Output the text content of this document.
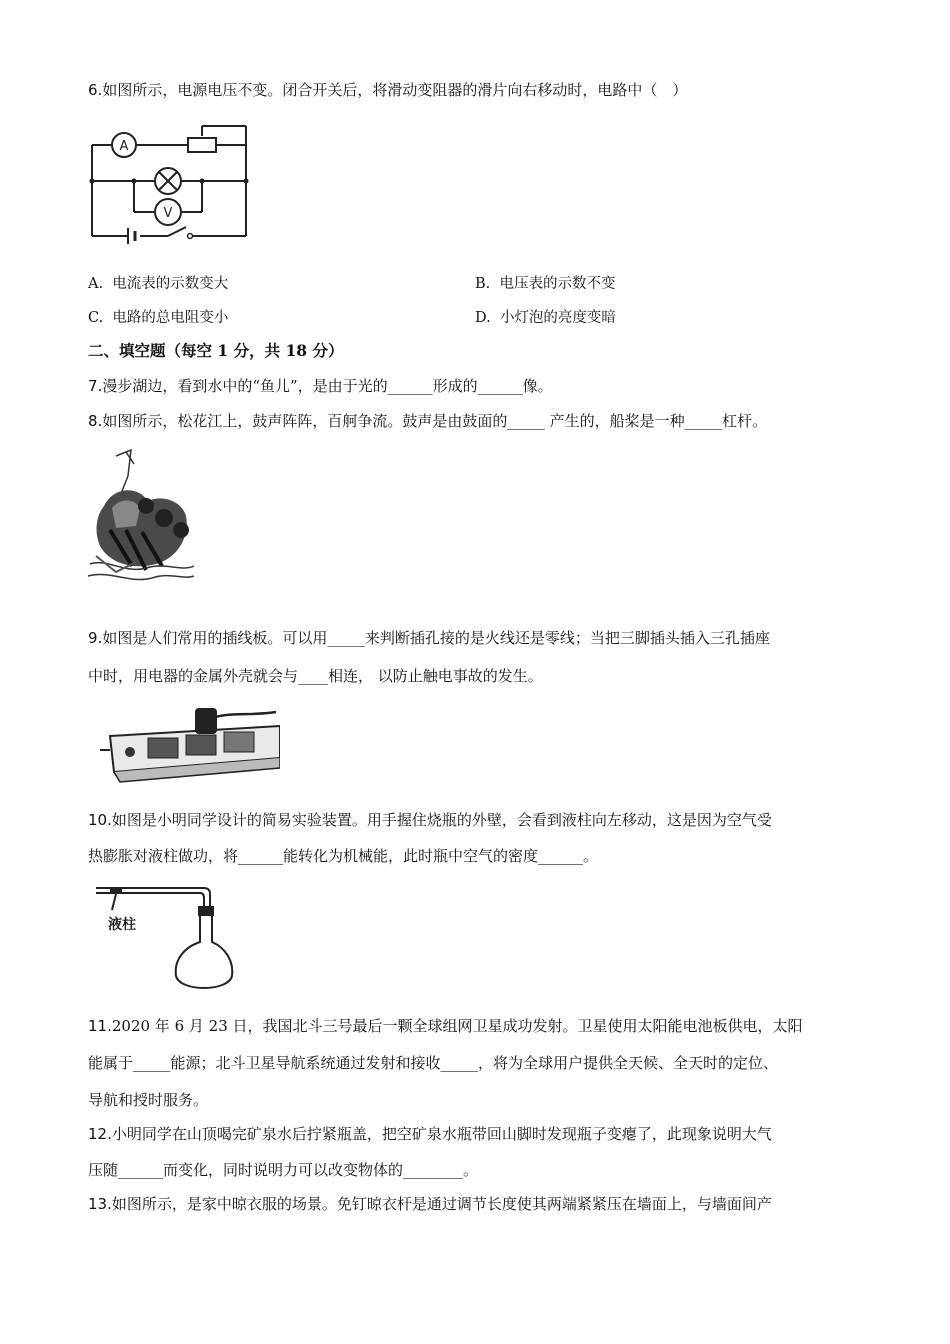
6.如图所示，电源电压不变。闭合开关后，将滑动变阻器的滑片向右移动时，电路中（　）
A
V
A. 电流表的示数变大	B. 电压表的示数不变
C. 电路的总电阻变小	D. 小灯泡的亮度变暗
二、填空题（每空 1 分，共 18 分）
7.漫步湖边，看到水中的“鱼儿”，是由于光的______形成的______像。
8.如图所示，松花江上，鼓声阵阵，百舸争流。鼓声是由鼓面的_____ 产生的，船桨是一种_____杠杆。
9.如图是人们常用的插线板。可以用_____来判断插孔接的是火线还是零线；当把三脚插头插入三孔插座
中时，用电器的金属外壳就会与____相连， 以防止触电事故的发生。
10.如图是小明同学设计的简易实验装置。用手握住烧瓶的外壁，会看到液柱向左移动，这是因为空气受
热膨胀对液柱做功，将______能转化为机械能，此时瓶中空气的密度______。
液柱
11.2020 年 6 月 23 日，我国北斗三号最后一颗全球组网卫星成功发射。卫星使用太阳能电池板供电，太阳
能属于_____能源；北斗卫星导航系统通过发射和接收_____，将为全球用户提供全天候、全天时的定位、
导航和授时服务。
12.小明同学在山顶喝完矿泉水后拧紧瓶盖，把空矿泉水瓶带回山脚时发现瓶子变瘪了，此现象说明大气
压随______而变化，同时说明力可以改变物体的________。
13.如图所示，是家中晾衣服的场景。免钉晾衣杆是通过调节长度使其两端紧紧压在墙面上，与墙面间产
